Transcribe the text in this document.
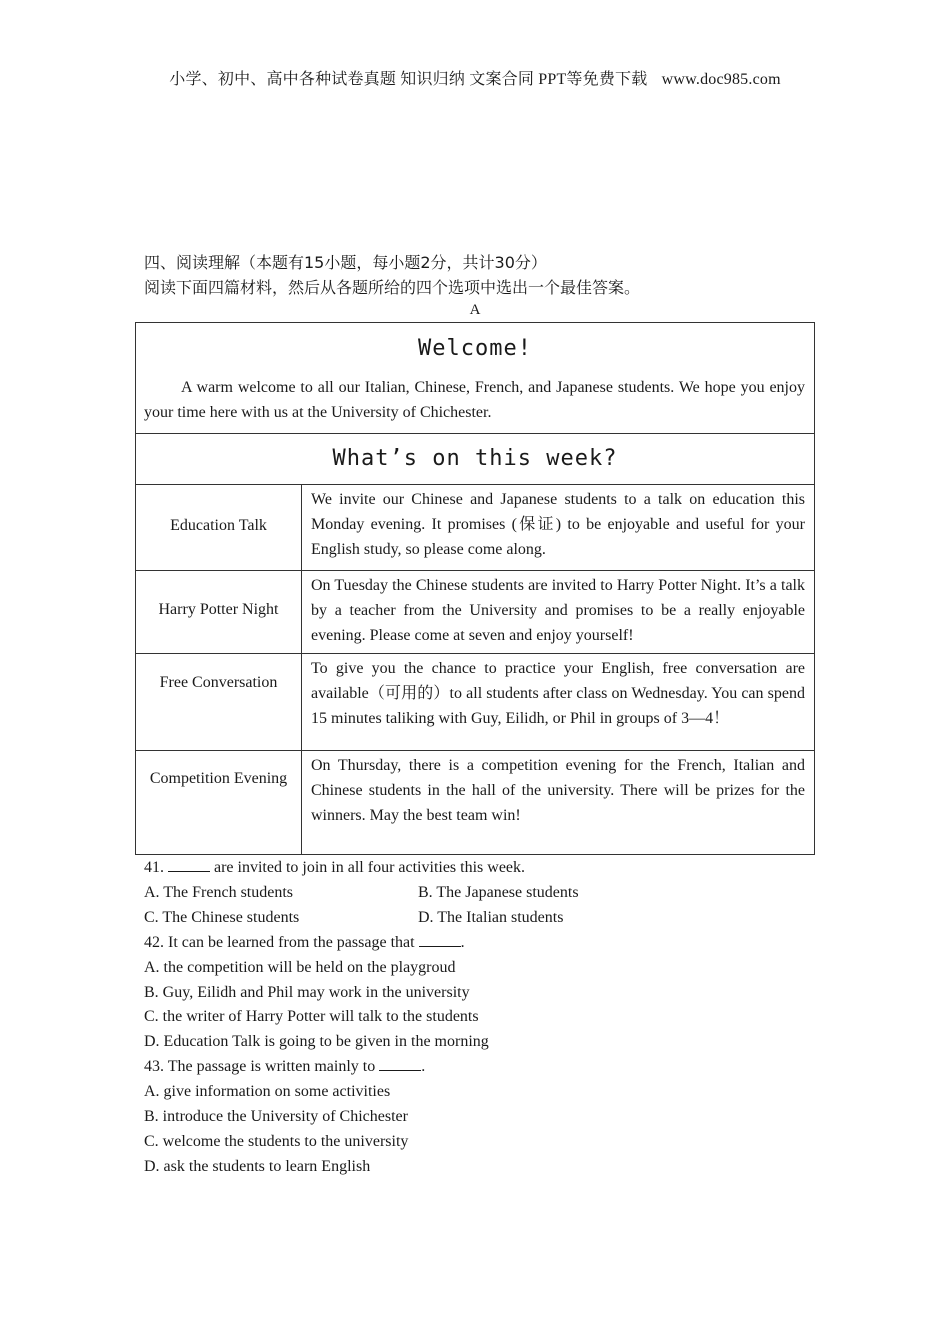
小学、初中、高中各种试卷真题 知识归纳 文案合同 PPT等免费下载 www.doc985.com
四、阅读理解（本题有15小题，每小题2分，共计30分）
阅读下面四篇材料，然后从各题所给的四个选项中选出一个最佳答案。
A
Welcome!

A warm welcome to all our Italian, Chinese, French, and Japanese students. We hope you enjoy your time here with us at the University of Chichester.

What’s on this week?
Education Talk
We invite our Chinese and Japanese students to a talk on education this Monday evening. It promises (保证) to be enjoyable and useful for your English study, so please come along.
Harry Potter Night
On Tuesday the Chinese students are invited to Harry Potter Night. It’s a talk by a teacher from the University and promises to be a really enjoyable evening. Please come at seven and enjoy yourself!
Free Conversation
To give you the chance to practice your English, free conversation are available（可用的）to all students after class on Wednesday. You can spend 15 minutes taliking with Guy, Eilidh, or Phil in groups of 3—4！
Competition Evening
On Thursday, there is a competition evening for the French, Italian and Chinese students in the hall of the university. There will be prizes for the winners. May the best team win!
41.	are invited to join in all four activities this week.
A. The French students	B. The Japanese students
C. The Chinese students	D. The Italian students
42. It can be learned from the passage that	.
A. the competition will be held on the playgroud
B. Guy, Eilidh and Phil may work in the university
C. the writer of Harry Potter will talk to the students
D. Education Talk is going to be given in the morning
43. The passage is written mainly to	.
A. give information on some activities
B. introduce the University of Chichester
C. welcome the students to the university
D. ask the students to learn English
